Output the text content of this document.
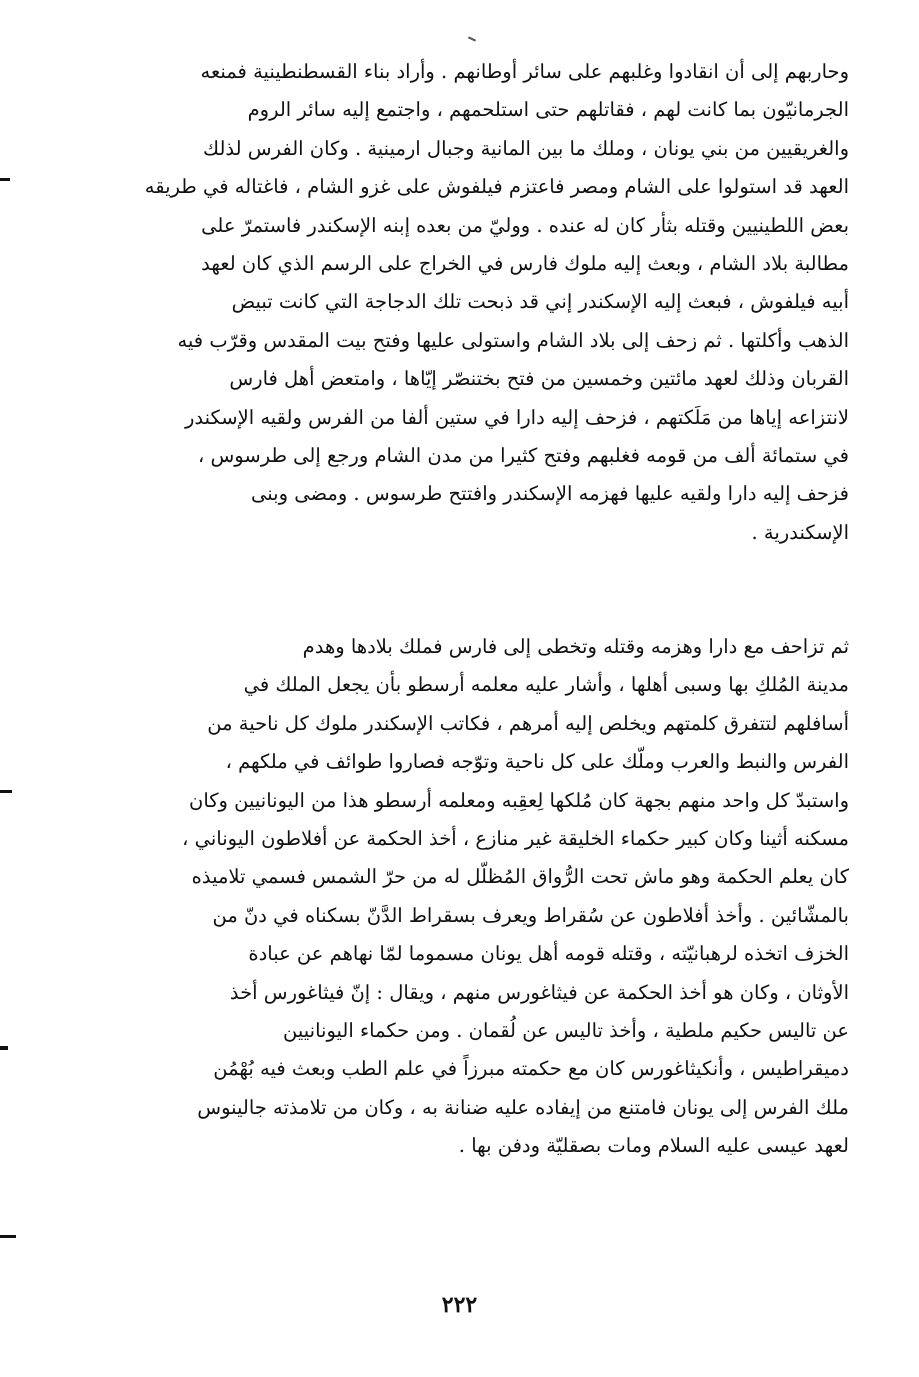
وحاربهم إلى أن انقادوا وغلبهم على سائر أوطانهم . وأراد بناء القسطنطينية فمنعه
الجرمانيّون بما كانت لهم ، فقاتلهم حتى استلحمهم ، واجتمع إليه سائر الروم
والغريقيين من بني يونان ، وملك ما بين المانية وجبال ارمينية . وكان الفرس لذلك
العهد قد استولوا على الشام ومصر فاعتزم فيلفوش على غزو الشام ، فاغتاله في طريقه
بعض اللطينيين وقتله بثأر كان له عنده . ووليّ من بعده إبنه الإسكندر فاستمرّ على
مطالبة بلاد الشام ، وبعث إليه ملوك فارس في الخراج على الرسم الذي كان لعهد
أبيه فيلفوش ، فبعث إليه الإسكندر إني قد ذبحت تلك الدجاجة التي كانت تبيض
الذهب وأكلتها . ثم زحف إلى بلاد الشام واستولى عليها وفتح بيت المقدس وقرّب فيه
القربان وذلك لعهد مائتين وخمسين من فتح بختنصّر إيّاها ، وامتعض أهل فارس
لانتزاعه إياها من مَلَكتهم ، فزحف إليه دارا في ستين ألفا من الفرس ولقيه الإسكندر
في ستمائة ألف من قومه فغلبهم وفتح كثيرا من مدن الشام ورجع إلى طرسوس ،
فزحف إليه دارا ولقيه عليها فهزمه الإسكندر وافتتح طرسوس . ومضى وبنى
الإسكندرية .
ثم تزاحف مع دارا وهزمه وقتله وتخطى إلى فارس فملك بلادها وهدم
مدينة المُلكِ بها وسبى أهلها ، وأشار عليه معلمه أرسطو بأن يجعل الملك في
أسافلهم لتتفرق كلمتهم ويخلص إليه أمرهم ، فكاتب الإسكندر ملوك كل ناحية من
الفرس والنبط والعرب وملّك على كل ناحية وتوّجه فصاروا طوائف في ملكهم ،
واستبدّ كل واحد منهم بجهة كان مُلكها لِعقِبه ومعلمه أرسطو هذا من اليونانيين وكان
مسكنه أثينا وكان كبير حكماء الخليقة غير منازع ، أخذ الحكمة عن أفلاطون اليوناني ،
كان يعلم الحكمة وهو ماش تحت الرُّواق المُظلّل له من حرّ الشمس فسمي تلاميذه
بالمشّائين . وأخذ أفلاطون عن سُقراط ويعرف بسقراط الدَّنّ بسكناه في دنّ من
الخزف اتخذه لرهبانيّته ، وقتله قومه أهل يونان مسموما لمّا نهاهم عن عبادة
الأوثان ، وكان هو أخذ الحكمة عن فيثاغورس منهم ، ويقال : إنّ فيثاغورس أخذ
عن تاليس حكيم ملطية ، وأخذ تاليس عن لُقمان . ومن حكماء اليونانيين
دميقراطيس ، وأنكيثاغورس كان مع حكمته مبرزاً في علم الطب وبعث فيه بُهْمُن
ملك الفرس إلى يونان فامتنع من إيفاده عليه ضنانة به ، وكان من تلامذته جالينوس
لعهد عيسى عليه السلام ومات بصقليّة ودفن بها .
٢٢٢
